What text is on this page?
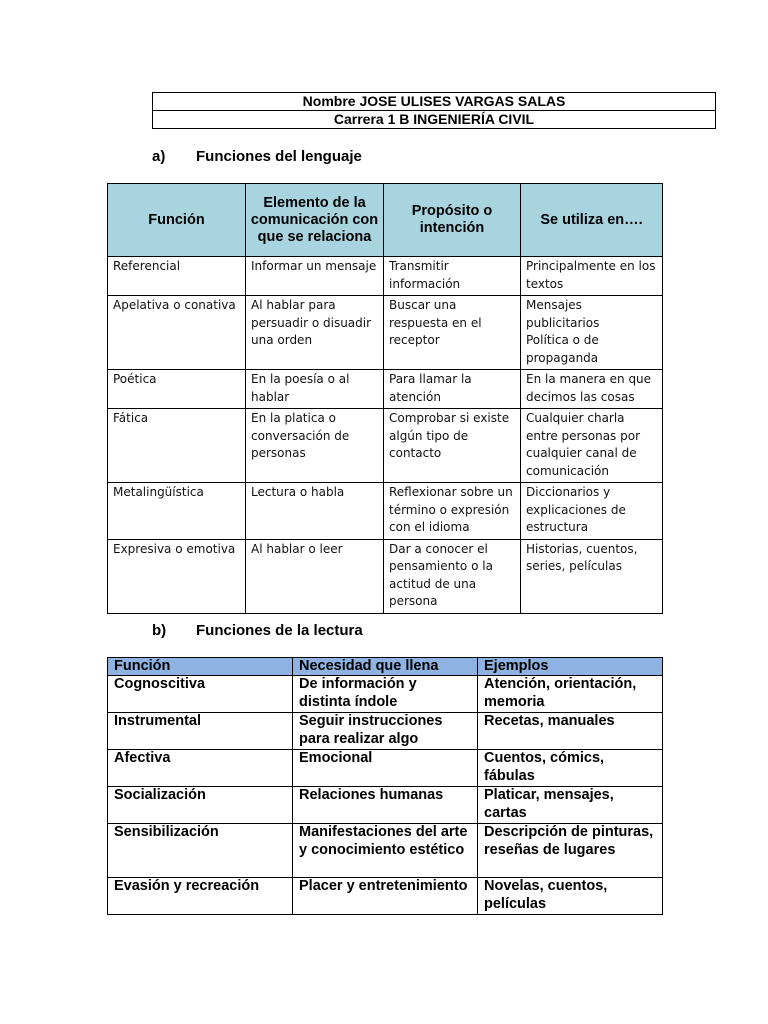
Nombre JOSE ULISES VARGAS SALAS
Carrera 1 B INGENIERÍA CIVIL
a) Funciones del lenguaje
Función	Elemento de la comunicación con que se relaciona	Propósito o intención	Se utiliza en….
Referencial	Informar un mensaje	Transmitir información	Principalmente en los textos

Apelativa o conativa	Al hablar para persuadir o disuadir una orden	Buscar una respuesta en el receptor	Mensajes publicitarios
Política o de propaganda

Poética	En la poesía o al hablar	Para llamar la atención	En la manera en que decimos las cosas

Fática	En la platica o conversación de personas	Comprobar si existe algún tipo de contacto	Cualquier charla entre personas por cualquier canal de comunicación

Metalingüística	Lectura o habla	Reflexionar sobre un término o expresión con el idioma	Diccionarios y explicaciones de estructura

Expresiva o emotiva	Al hablar o leer	Dar a conocer el pensamiento o la actitud de una persona	Historias, cuentos, series, películas
b) Funciones de la lectura
Función	Necesidad que llena	Ejemplos
Cognoscitiva	De información y distinta índole	Atención, orientación, memoria
Instrumental	Seguir instrucciones para realizar algo	Recetas, manuales
Afectiva	Emocional	Cuentos, cómics, fábulas
Socialización	Relaciones humanas	Platicar, mensajes, cartas
Sensibilización	Manifestaciones del arte y conocimiento estético	Descripción de pinturas, reseñas de lugares
Evasión y recreación	Placer y entretenimiento	Novelas, cuentos, películas
